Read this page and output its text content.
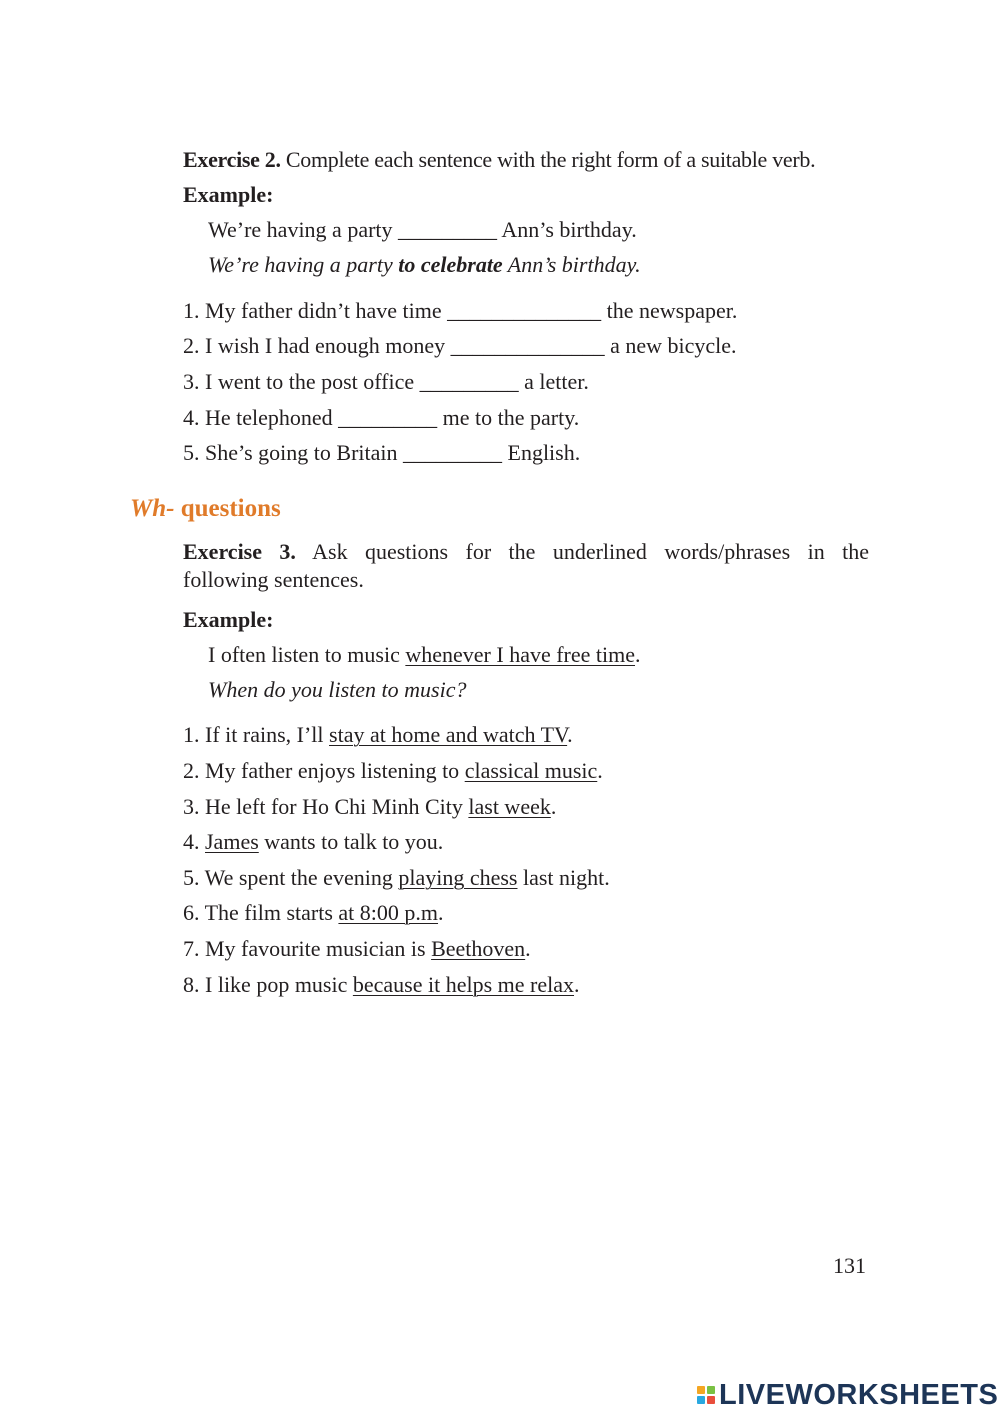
Exercise 2. Complete each sentence with the right form of a suitable verb.
Example:
We’re having a party _________ Ann’s birthday.
We’re having a party to celebrate Ann’s birthday.
1. My father didn’t have time ______________ the newspaper.
2. I wish I had enough money ______________ a new bicycle.
3. I went to the post office _________ a letter.
4. He telephoned _________ me to the party.
5. She’s going to Britain _________ English.
Wh- questions
Exercise 3. Ask questions for the underlined words/phrases in the
following sentences.
Example:
I often listen to music whenever I have free time.
When do you listen to music?
1. If it rains, I’ll stay at home and watch TV.
2. My father enjoys listening to classical music.
3. He left for Ho Chi Minh City last week.
4. James wants to talk to you.
5. We spent the evening playing chess last night.
6. The film starts at 8:00 p.m.
7. My favourite musician is Beethoven.
8. I like pop music because it helps me relax.
131
LIVEWORKSHEETS
